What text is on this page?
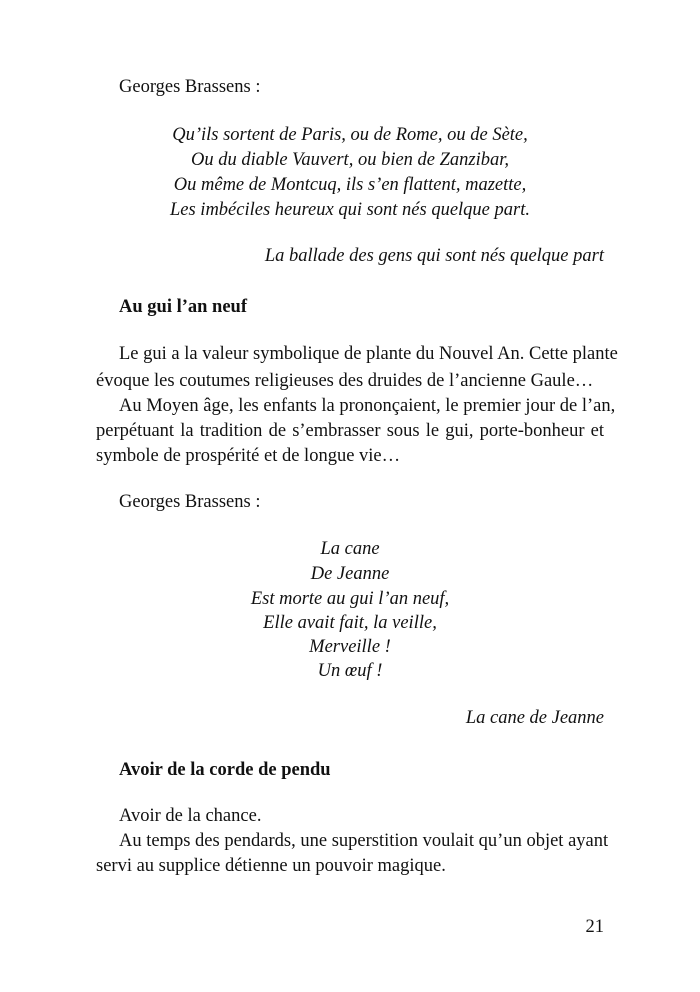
Georges Brassens :
Qu’ils sortent de Paris, ou de Rome, ou de Sète,
Ou du diable Vauvert, ou bien de Zanzibar,
Ou même de Montcuq, ils s’en flattent, mazette,
Les imbéciles heureux qui sont nés quelque part.
La ballade des gens qui sont nés quelque part
Au gui l’an neuf
Le gui a la valeur symbolique de plante du Nouvel An. Cette plante
évoque les coutumes religieuses des druides de l’ancienne Gaule…
Au Moyen âge, les enfants la prononçaient, le premier jour de l’an,
perpétuant la tradition de s’embrasser sous le gui, porte-bonheur et
symbole de prospérité et de longue vie…
Georges Brassens :
La cane
De Jeanne
Est morte au gui l’an neuf,
Elle avait fait, la veille,
Merveille !
Un œuf !
La cane de Jeanne
Avoir de la corde de pendu
Avoir de la chance.
Au temps des pendards, une superstition voulait qu’un objet ayant
servi au supplice détienne un pouvoir magique.
21
